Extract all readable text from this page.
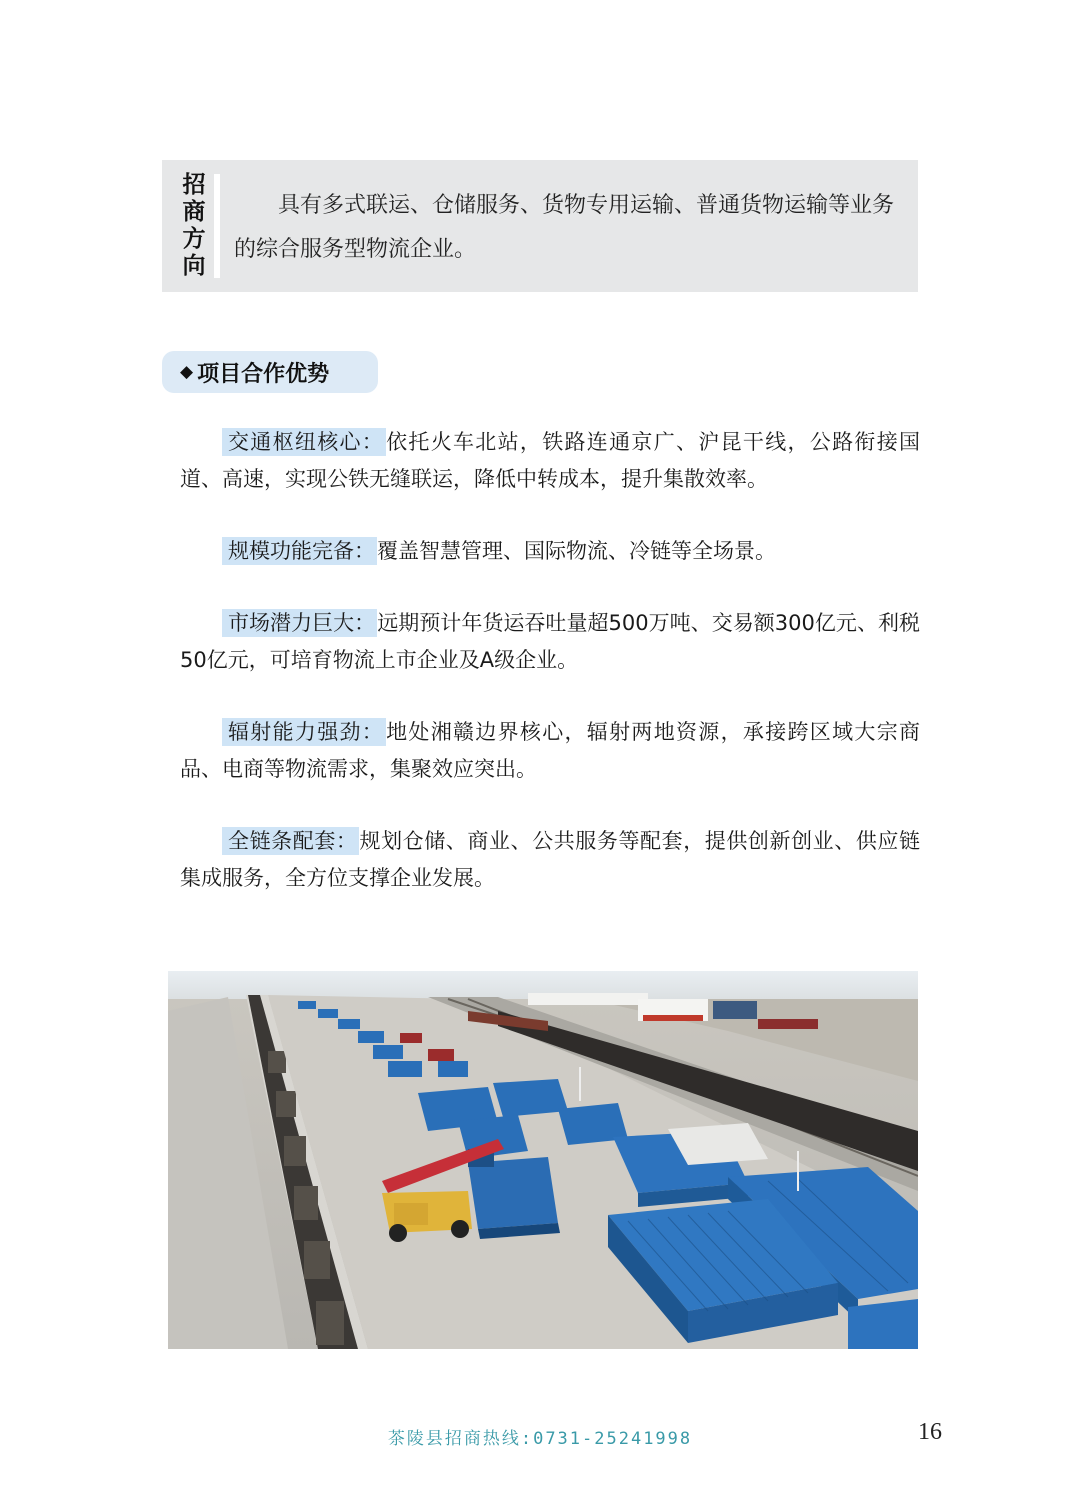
招
商
方
向
具有多式联运、仓储服务、货物专用运输、普通货物运输等业务的综合服务型物流企业。
◆ 项目合作优势

交通枢纽核心：依托火车北站，铁路连通京广、沪昆干线，公路衔接国道、高速，实现公铁无缝联运，降低中转成本，提升集散效率。

规模功能完备：覆盖智慧管理、国际物流、冷链等全场景。

市场潜力巨大：远期预计年货运吞吐量超500万吨、交易额300亿元、利税50亿元，可培育物流上市企业及A级企业。

辐射能力强劲：地处湘赣边界核心，辐射两地资源，承接跨区域大宗商品、电商等物流需求，集聚效应突出。

全链条配套：规划仓储、商业、公共服务等配套，提供创新创业、供应链集成服务，全方位支撑企业发展。

茶陵县招商热线:0731-25241998	16
